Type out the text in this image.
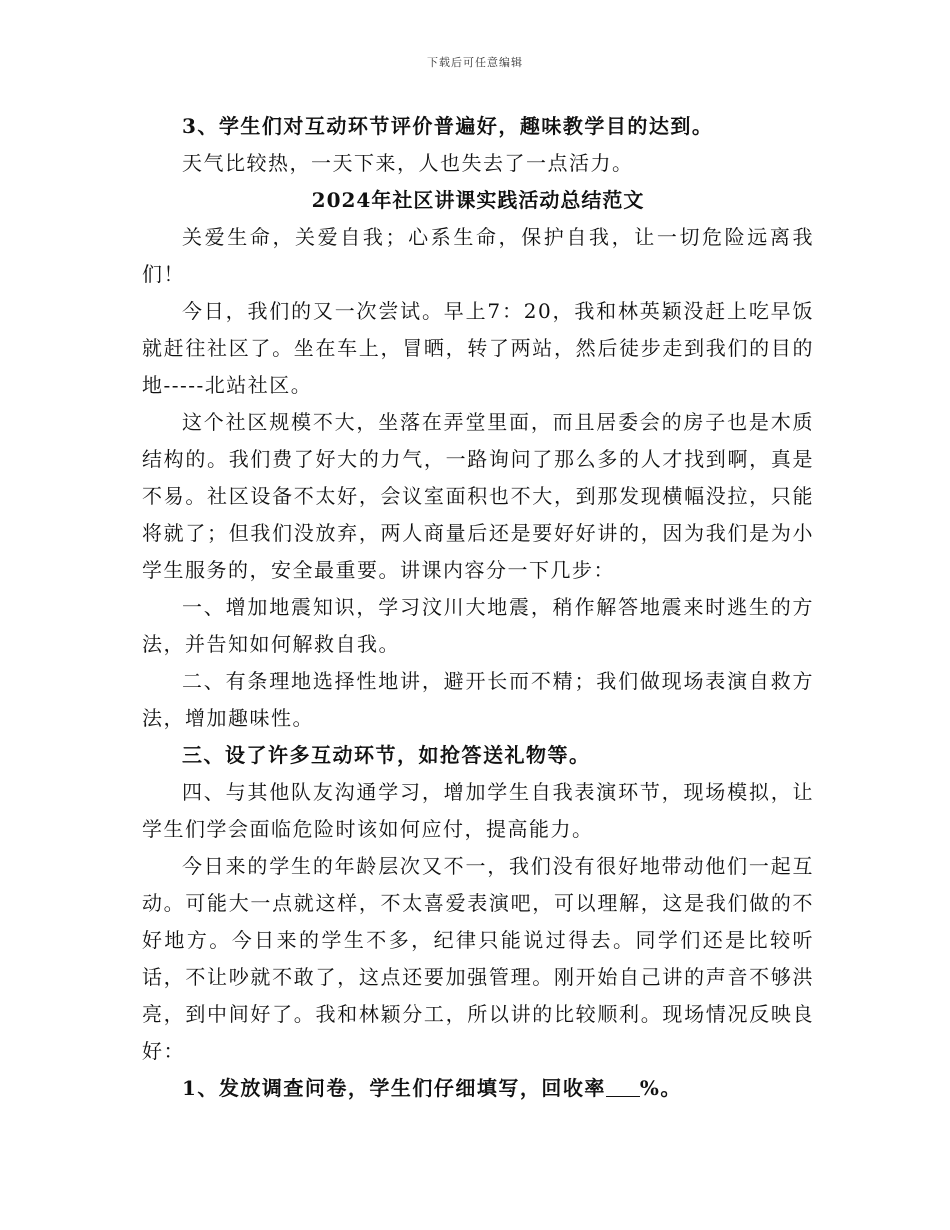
下载后可任意编辑

3、学生们对互动环节评价普遍好，趣味教学目的达到。

天气比较热，一天下来，人也失去了一点活力。

2024年社区讲课实践活动总结范文

关爱生命，关爱自我；心系生命，保护自我，让一切危险远离我们！

今日，我们的又一次尝试。早上7：20，我和林英颖没赶上吃早饭就赶往社区了。坐在车上，冒晒，转了两站，然后徒步走到我们的目的地-----北站社区。

这个社区规模不大，坐落在弄堂里面，而且居委会的房子也是木质结构的。我们费了好大的力气，一路询问了那么多的人才找到啊，真是不易。社区设备不太好，会议室面积也不大，到那发现横幅没拉，只能将就了；但我们没放弃，两人商量后还是要好好讲的，因为我们是为小学生服务的，安全最重要。讲课内容分一下几步：

一、增加地震知识，学习汶川大地震，稍作解答地震来时逃生的方法，并告知如何解救自我。

二、有条理地选择性地讲，避开长而不精；我们做现场表演自救方法，增加趣味性。

三、设了许多互动环节，如抢答送礼物等。

四、与其他队友沟通学习，增加学生自我表演环节，现场模拟，让学生们学会面临危险时该如何应付，提高能力。

今日来的学生的年龄层次又不一，我们没有很好地带动他们一起互动。可能大一点就这样，不太喜爱表演吧，可以理解，这是我们做的不好地方。今日来的学生不多，纪律只能说过得去。同学们还是比较听话，不让吵就不敢了，这点还要加强管理。刚开始自己讲的声音不够洪亮，到中间好了。我和林颖分工，所以讲的比较顺利。现场情况反映良好：

1、发放调查问卷，学生们仔细填写，回收率 %。
